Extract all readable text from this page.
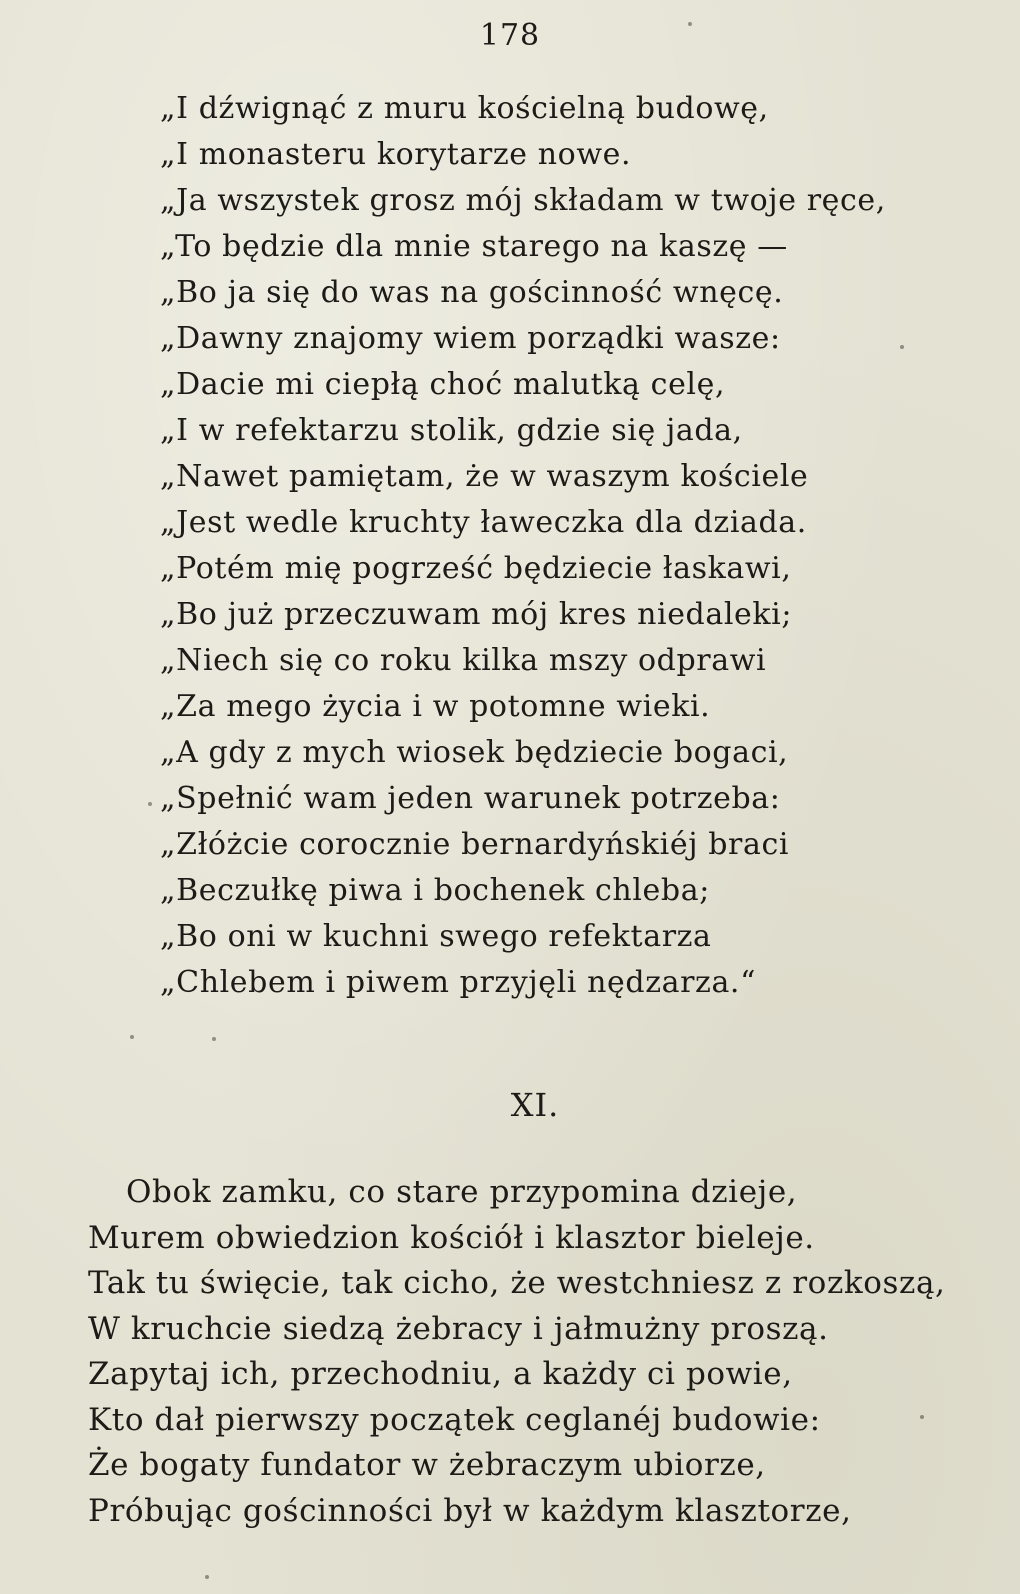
178
„I dźwignąć z muru kościelną budowę,
„I monasteru korytarze nowe.
„Ja wszystek grosz mój składam w twoje ręce,
„To będzie dla mnie starego na kaszę —
„Bo ja się do was na gościnność wnęcę.
„Dawny znajomy wiem porządki wasze:
„Dacie mi ciepłą choć malutką celę,
„I w refektarzu stolik, gdzie się jada,
„Nawet pamiętam, że w waszym kościele
„Jest wedle kruchty ławeczka dla dziada.
„Potém mię pogrześć będziecie łaskawi,
„Bo już przeczuwam mój kres niedaleki;
„Niech się co roku kilka mszy odprawi
„Za mego życia i w potomne wieki.
„A gdy z mych wiosek będziecie bogaci,
„Spełnić wam jeden warunek potrzeba:
„Złóżcie corocznie bernardyńskiéj braci
„Beczułkę piwa i bochenek chleba;
„Bo oni w kuchni swego refektarza
„Chlebem i piwem przyjęli nędzarza.“
XI.
Obok zamku, co stare przypomina dzieje,
Murem obwiedzion kościół i klasztor bieleje.
Tak tu święcie, tak cicho, że westchniesz z rozkoszą,
W kruchcie siedzą żebracy i jałmużny proszą.
Zapytaj ich, przechodniu, a każdy ci powie,
Kto dał pierwszy początek ceglanéj budowie:
Że bogaty fundator w żebraczym ubiorze,
Próbując gościnności był w każdym klasztorze,
